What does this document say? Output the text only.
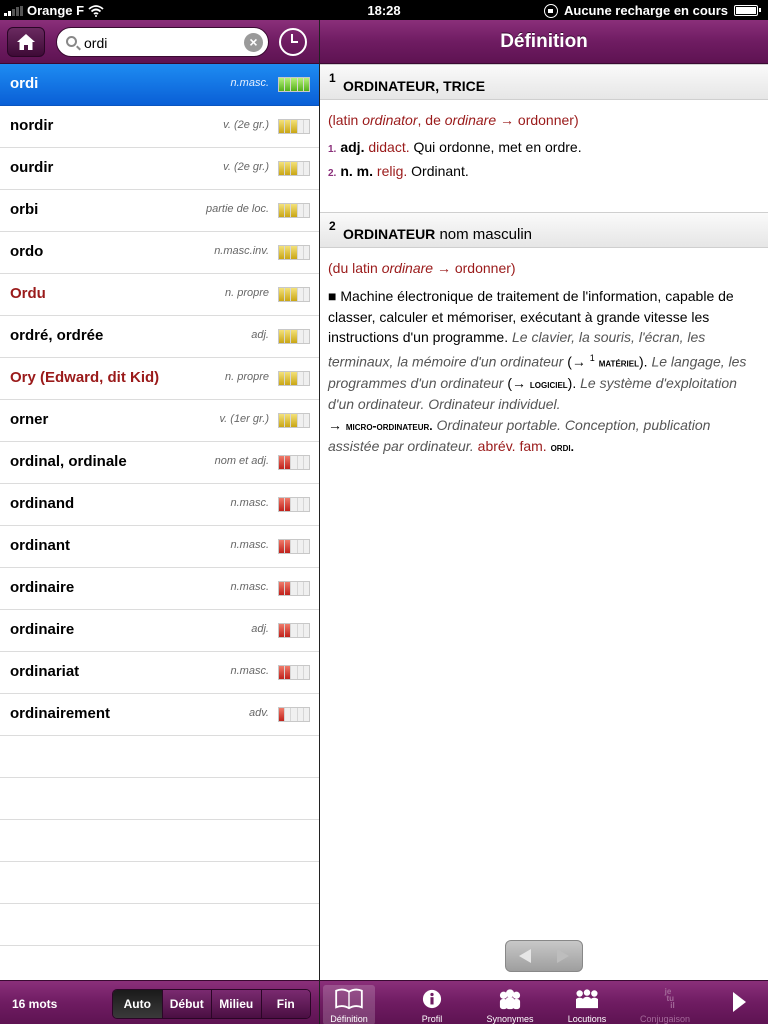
Orange F	18:28	Aucune recharge en cours
ordi
×	Définition
ordi	n.masc.
nordir	v. (2e gr.)
ourdir	v. (2e gr.)
orbi	partie de loc.
ordo	n.masc.inv.
Ordu	n. propre
ordré, ordrée	adj.
Ory (Edward, dit Kid)	n. propre
orner	v. (1er gr.)
ordinal, ordinale	nom et adj.
ordinand	n.masc.
ordinant	n.masc.
ordinaire	n.masc.
ordinaire	adj.
ordinariat	n.masc.
ordinairement	adv.
1 ORDINATEUR, TRICE
(latin ordinator, de ordinare → ordonner)
1. adj. didact. Qui ordonne, met en ordre.
2. n. m. relig. Ordinant.
2 ORDINATEUR nom masculin
(du latin ordinare → ordonner)
■ Machine électronique de traitement de l'information, capable de classer, calculer et mémoriser, exécutant à grande vitesse les instructions d'un programme. Le clavier, la souris, l'écran, les terminaux, la mémoire d'un ordinateur (→ $^1$ matériel). Le langage, les programmes d'un ordinateur (→ logiciel). Le système d'exploitation d'un ordinateur. Ordinateur individuel.
→ micro-ordinateur. Ordinateur portable. Conception, publication assistée par ordinateur. abrév. fam. ordi.
16 mots	Auto	Début	Milieu	Fin
Définition	Profil	Synonymes	Locutions
je
tu
il
Conjugaison
